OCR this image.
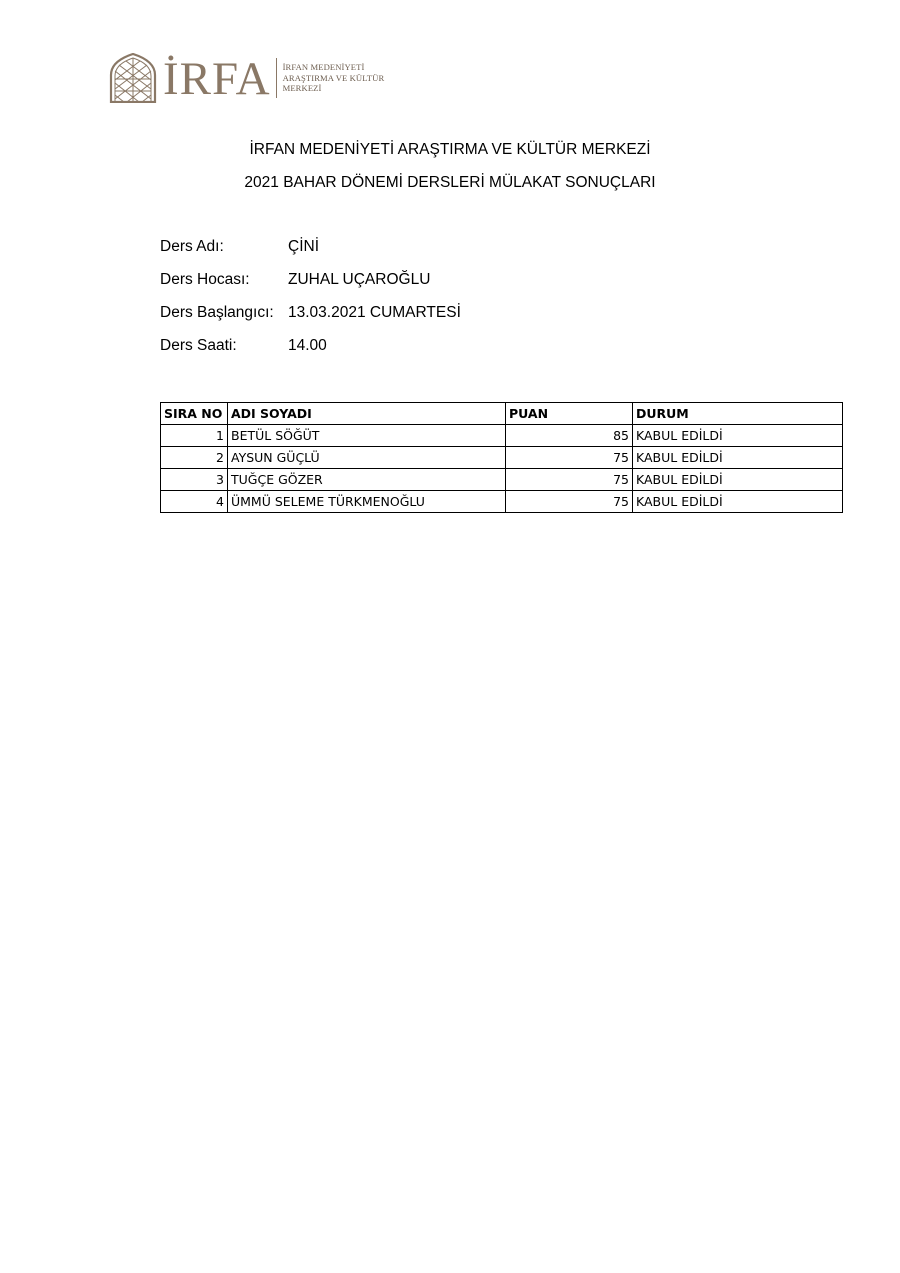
İRFA İRFAN MEDENİYETİ
ARAŞTIRMA VE KÜLTÜR
MERKEZİ
İRFAN MEDENİYETİ ARAŞTIRMA VE KÜLTÜR MERKEZİ
2021 BAHAR DÖNEMİ DERSLERİ MÜLAKAT SONUÇLARI
Ders Adı:	ÇİNİ
Ders Hocası:	ZUHAL UÇAROĞLU
Ders Başlangıcı: 13.03.2021 CUMARTESİ
Ders Saati:	14.00
SIRA NO	ADI SOYADI	PUAN	DURUM
1	BETÜL SÖĞÜT	85	KABUL EDİLDİ
2	AYSUN GÜÇLÜ	75	KABUL EDİLDİ
3	TUĞÇE GÖZER	75	KABUL EDİLDİ
4	ÜMMÜ SELEME TÜRKMENOĞLU	75	KABUL EDİLDİ
